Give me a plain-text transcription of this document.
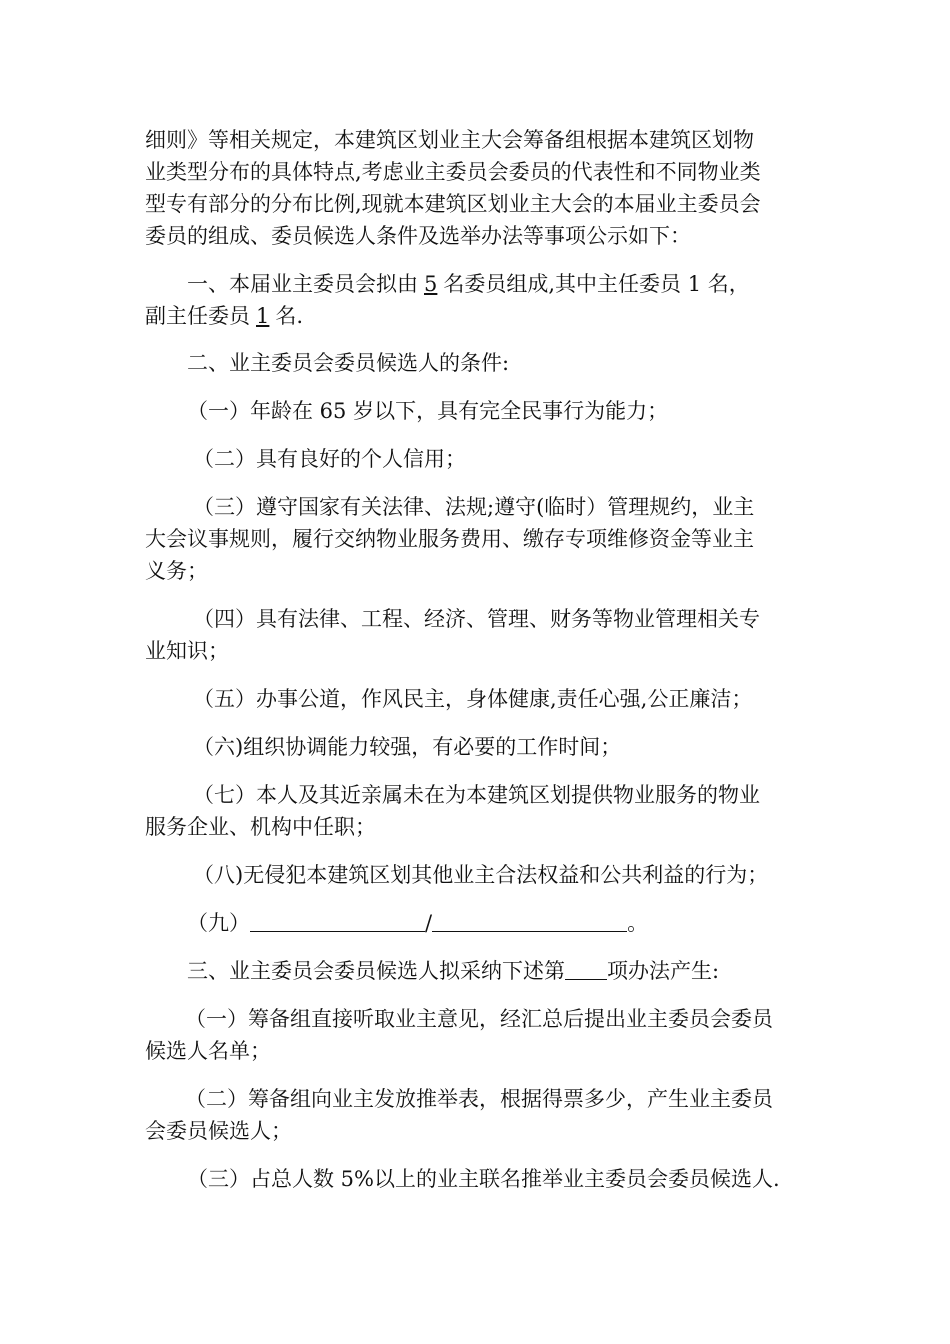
细则》等相关规定，本建筑区划业主大会筹备组根据本建筑区划物

业类型分布的具体特点,考虑业主委员会委员的代表性和不同物业类

型专有部分的分布比例,现就本建筑区划业主大会的本届业主委员会

委员的组成、委员候选人条件及选举办法等事项公示如下：

一、本届业主委员会拟由 5 名委员组成,其中主任委员 1 名，

副主任委员 1 名.

二、业主委员会委员候选人的条件:

（一）年龄在 65 岁以下，具有完全民事行为能力；

（二）具有良好的个人信用；

（三）遵守国家有关法律、法规;遵守(临时）管理规约，业主

大会议事规则，履行交纳物业服务费用、缴存专项维修资金等业主

义务；

（四）具有法律、工程、经济、管理、财务等物业管理相关专

业知识；

（五）办事公道，作风民主，身体健康,责任心强,公正廉洁；

（六)组织协调能力较强，有必要的工作时间；

（七）本人及其近亲属未在为本建筑区划提供物业服务的物业

服务企业、机构中任职；

（八)无侵犯本建筑区划其他业主合法权益和公共利益的行为；

（九）	/	。

三、业主委员会委员候选人拟采纳下述第 项办法产生:

（一）筹备组直接听取业主意见，经汇总后提出业主委员会委员

候选人名单；

（二）筹备组向业主发放推举表，根据得票多少，产生业主委员

会委员候选人；

（三）占总人数 5%以上的业主联名推举业主委员会委员候选人.
